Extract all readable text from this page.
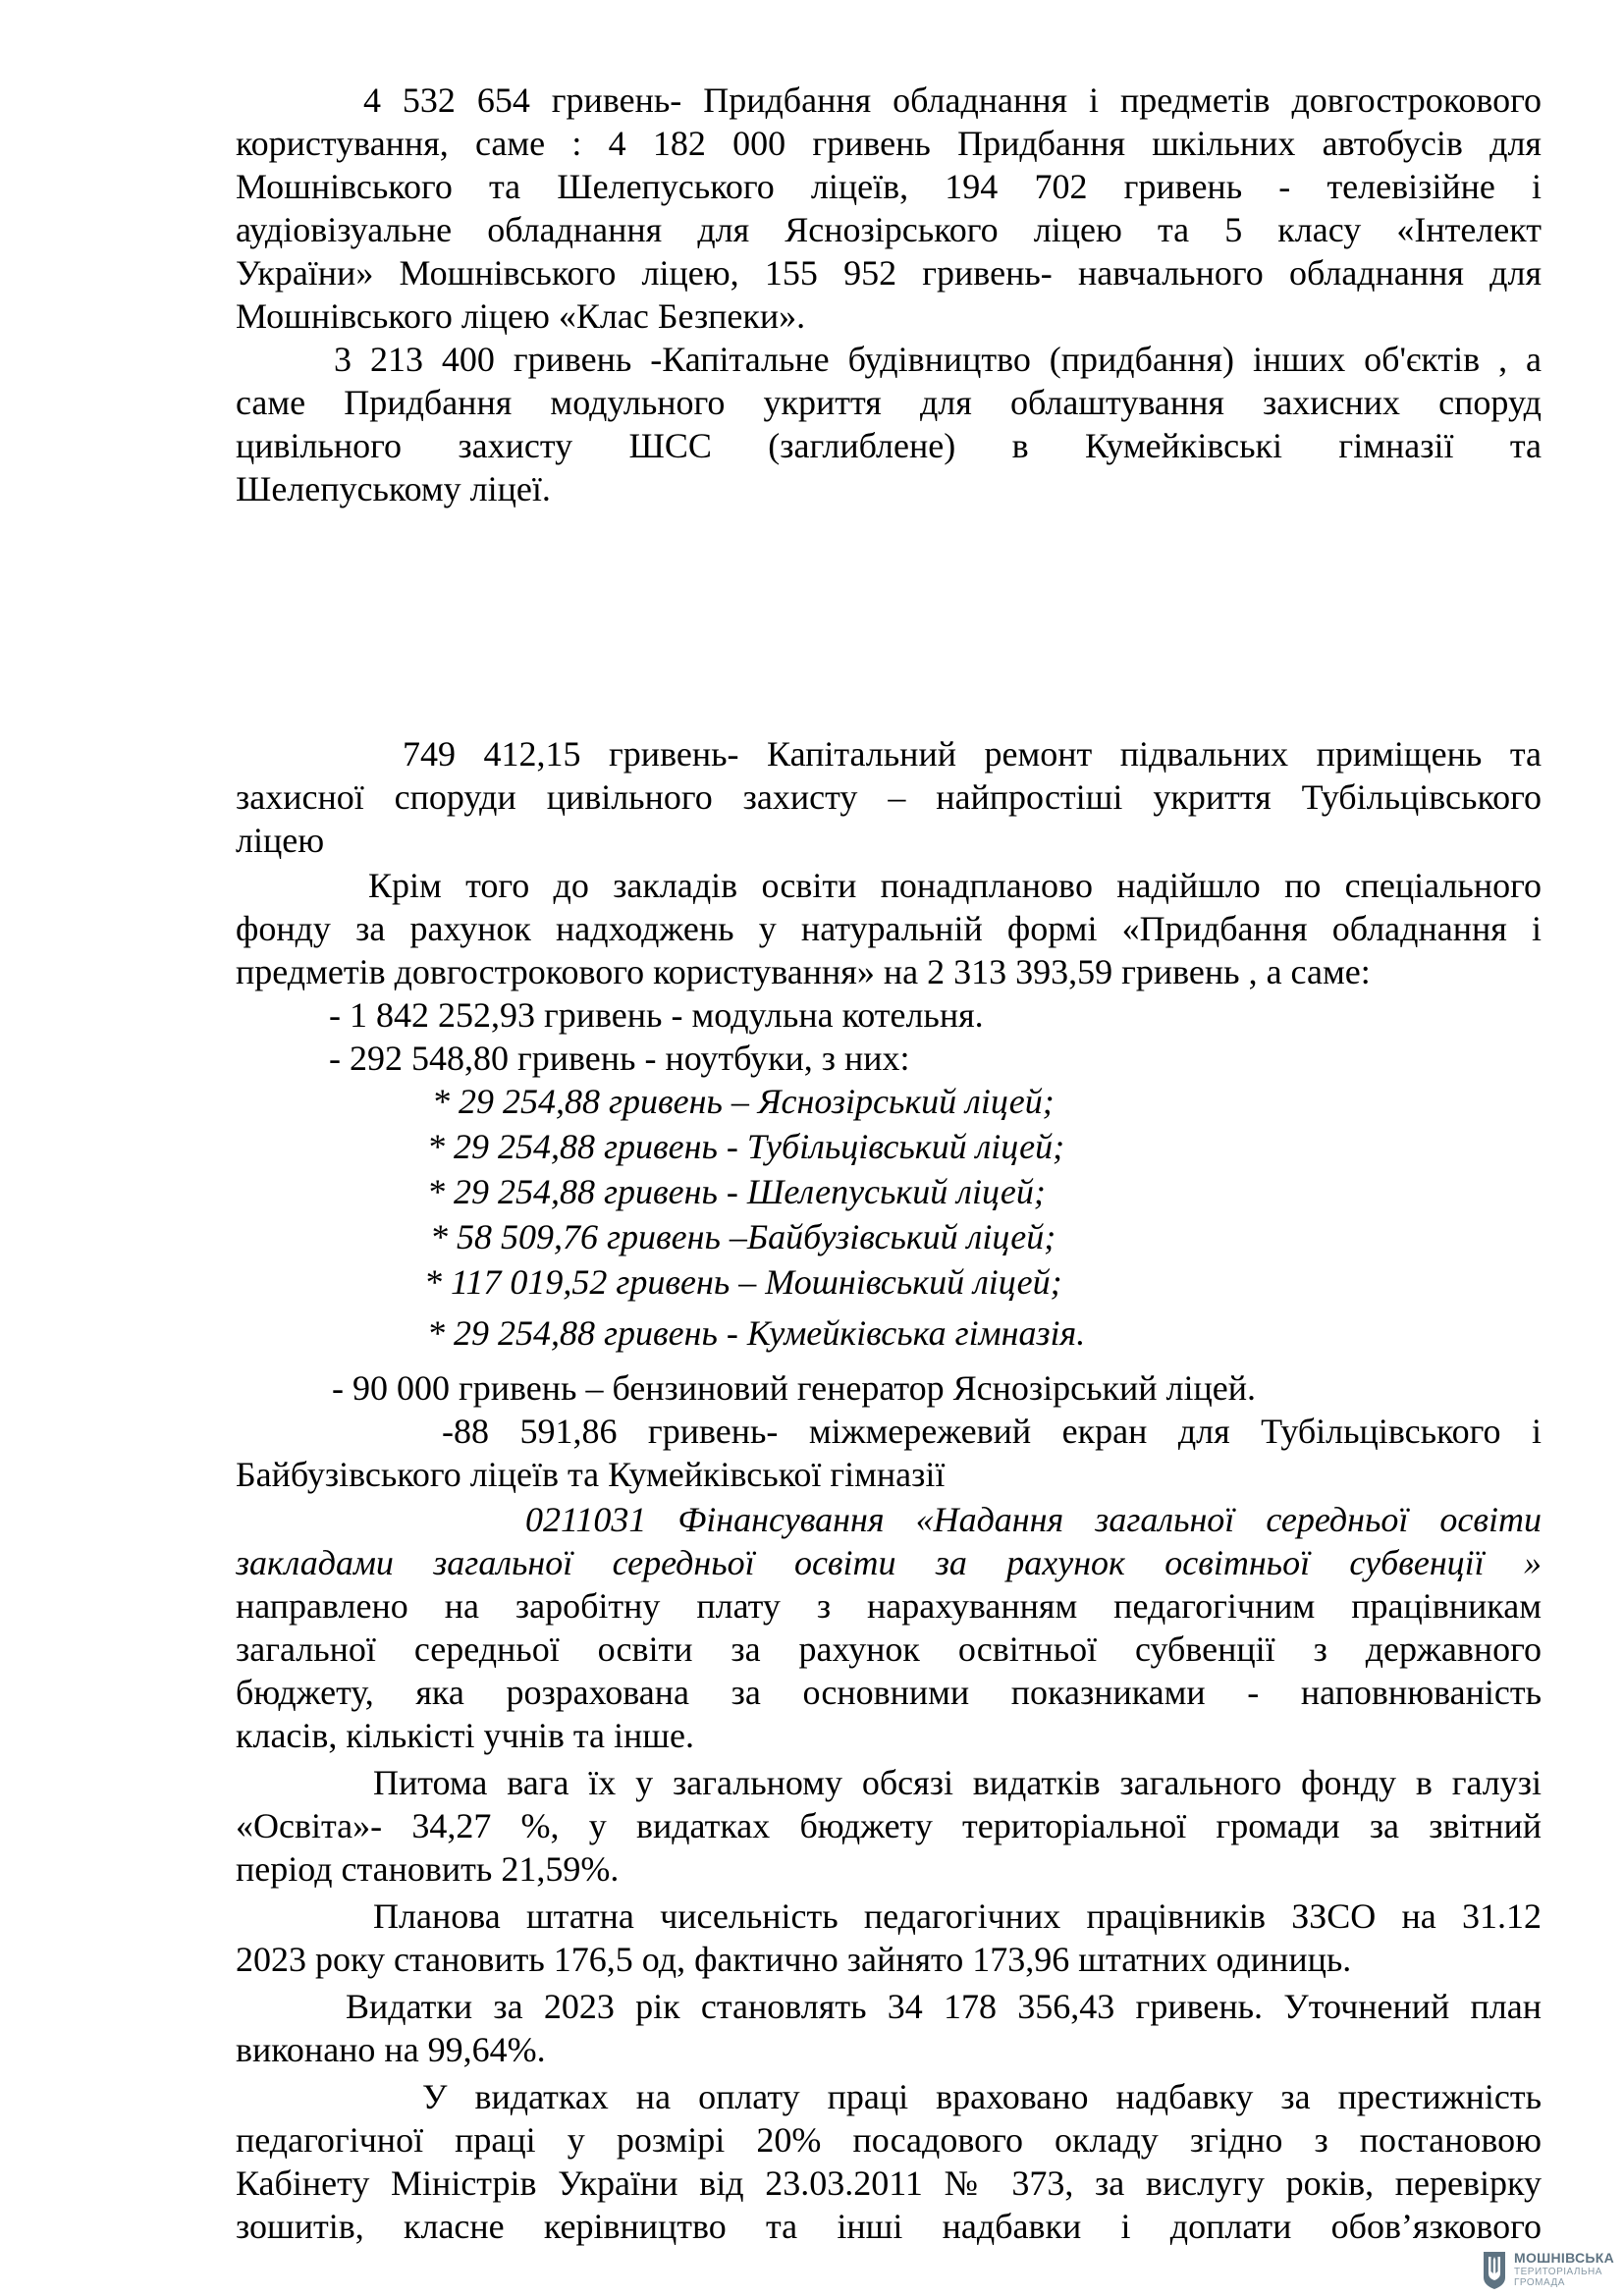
4 532 654 гривень- Придбання обладнання і предметів довгострокового
користування, саме : 4 182 000 гривень Придбання шкільних автобусів для
Мошнівського та Шелепуського ліцеїв, 194 702 гривень - телевізійне і
аудіовізуальне обладнання для Яснозірського ліцею та 5 класу «Інтелект
України» Мошнівського ліцею, 155 952 гривень- навчального обладнання для
Мошнівського ліцею «Клас Безпеки».
3 213 400 гривень -Капітальне будівництво (придбання) інших об'єктів , а
саме Придбання модульного укриття для облаштування захисних споруд
цивільного захисту ШСС (заглиблене) в Кумейківські гімназії та
Шелепуському ліцеї.
749 412,15 гривень- Капітальний ремонт підвальних приміщень та
захисної споруди цивільного захисту – найпростіші укриття Тубільцівського
ліцею
Крім того до закладів освіти понадплановo надійшло по спеціального
фонду за рахунок надходжень у натуральній формі «Придбання обладнання і
предметів довгострокового користування» на 2 313 393,59 гривень , а саме:
- 1 842 252,93 гривень - модульна котельня.
- 292 548,80 гривень - ноутбуки, з них:
* 29 254,88 гривень – Яснозірський ліцей;
* 29 254,88 гривень - Тубільцівський ліцей;
* 29 254,88 гривень - Шелепуський ліцей;
* 58 509,76 гривень –Байбузівський ліцей;
* 117 019,52 гривень – Мошнівський ліцей;
* 29 254,88 гривень - Кумейківська гімназія.
- 90 000 гривень – бензиновий генератор Яснозірський ліцей.
-88 591,86 гривень- міжмережевий екран для Тубільцівського і
Байбузівського ліцеїв та Кумейківської гімназії
0211031 Фінансування «Надання загальної середньої освіти
закладами загальної середньої освіти за рахунок освітньої субвенції »
направлено на заробітну плату з нарахуванням педагогічним працівникам
загальної середньої освіти за рахунок освітньої субвенції з державного
бюджету, яка розрахована за основними показниками - наповнюваність
класів, кількісті учнів та інше.
Питома вага їх у загальному обсязі видатків загального фонду в галузі
«Освіта»- 34,27 %, у видатках бюджету територіальної громади за звітний
період становить 21,59%.
Планова штатна чисельність педагогічних працівників ЗЗСО на 31.12
2023 року становить 176,5 од, фактично зайнято 173,96 штатних одиниць.
Видатки за 2023 рік становлять 34 178 356,43 гривень. Уточнений план
виконано на 99,64%.
У видатках на оплату праці враховано надбавку за престижність
педагогічної праці у розмірі 20% посадового окладу згідно з постановою
Кабінету Міністрів України від 23.03.2011 № 373, за вислугу років, перевірку
зошитів, класне керівництво та інші надбавки і доплати обов’язкового
МОШНІВСЬКА
ТЕРИТОРІАЛЬНА
ГРОМАДА
